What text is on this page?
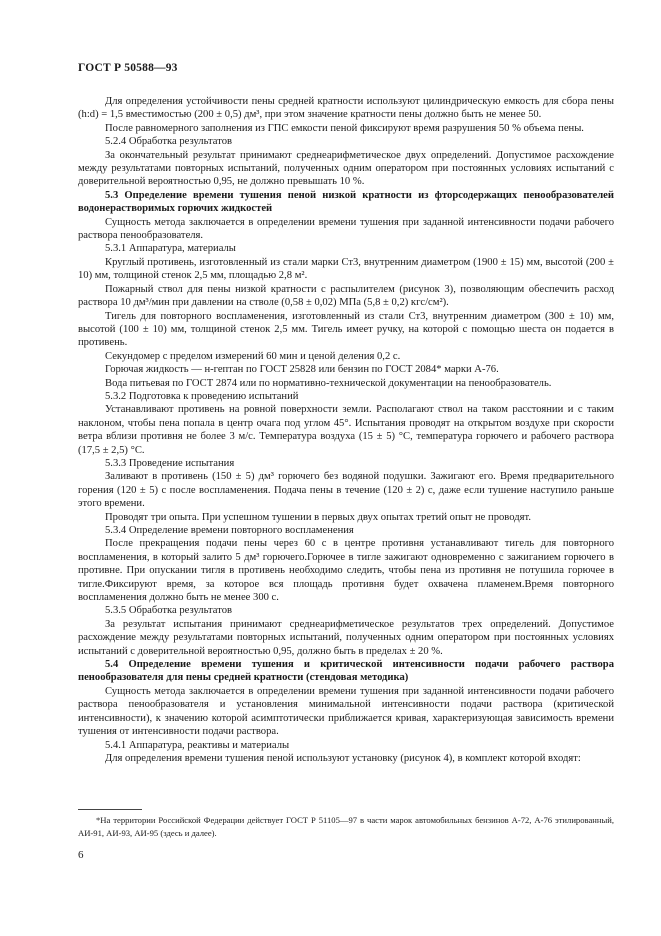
ГОСТ Р 50588—93

Для определения устойчивости пены средней кратности используют цилиндрическую емкость для сбора пены (h:d) = 1,5 вместимостью (200 ± 0,5) дм³, при этом значение кратности пены должно быть не менее 50.

После равномерного заполнения из ГПС емкости пеной фиксируют время разрушения 50 % объема пены.

5.2.4 Обработка результатов

За окончательный результат принимают среднеарифметическое двух определений. Допустимое расхождение между результатами повторных испытаний, полученных одним оператором при постоянных условиях испытаний с доверительной вероятностью 0,95, не должно превышать 10 %.

5.3 Определение времени тушения пеной низкой кратности из фторсодержащих пенообразователей водонерастворимых горючих жидкостей

Сущность метода заключается в определении времени тушения при заданной интенсивности подачи рабочего раствора пенообразователя.

5.3.1 Аппаратура, материалы

Круглый противень, изготовленный из стали марки Ст3, внутренним диаметром (1900 ± 15) мм, высотой (200 ± 10) мм, толщиной стенок 2,5 мм, площадью 2,8 м².

Пожарный ствол для пены низкой кратности с распылителем (рисунок 3), позволяющим обеспечить расход раствора 10 дм³/мин при давлении на стволе (0,58 ± 0,02) МПа (5,8 ± 0,2) кгс/см²).

Тигель для повторного воспламенения, изготовленный из стали Ст3, внутренним диаметром (300 ± 10) мм, высотой (100 ± 10) мм, толщиной стенок 2,5 мм. Тигель имеет ручку, на которой с помощью шеста он подается в противень.

Секундомер с пределом измерений 60 мин и ценой деления 0,2 с.

Горючая жидкость — н-гептан по ГОСТ 25828 или бензин по ГОСТ 2084* марки А-76.

Вода питьевая по ГОСТ 2874 или по нормативно-технической документации на пенообразователь.

5.3.2 Подготовка к проведению испытаний

Устанавливают противень на ровной поверхности земли. Располагают ствол на таком расстоянии и с таким наклоном, чтобы пена попала в центр очага под углом 45°. Испытания проводят на открытом воздухе при скорости ветра вблизи противня не более 3 м/с. Температура воздуха (15 ± 5) °С, температура горючего и рабочего раствора (17,5 ± 2,5) °С.

5.3.3 Проведение испытания

Заливают в противень (150 ± 5) дм³ горючего без водяной подушки. Зажигают его. Время предварительного горения (120 ± 5) с после воспламенения. Подача пены в течение (120 ± 2) с, даже если тушение наступило раньше этого времени.

Проводят три опыта. При успешном тушении в первых двух опытах третий опыт не проводят.

5.3.4 Определение времени повторного воспламенения

После прекращения подачи пены через 60 с в центре противня устанавливают тигель для повторного воспламенения, в который залито 5 дм³ горючего.Горючее в тигле зажигают одновременно с зажиганием горючего в противне. При опускании тигля в противень необходимо следить, чтобы пена из противня не потушила горючее в тигле.Фиксируют время, за которое вся площадь противня будет охвачена пламенем.Время повторного воспламенения должно быть не менее 300 с.

5.3.5 Обработка результатов

За результат испытания принимают среднеарифметическое результатов трех определений. Допустимое расхождение между результатами повторных испытаний, полученных одним оператором при постоянных условиях испытаний с доверительной вероятностью 0,95, должно быть в пределах ± 20 %.

5.4 Определение времени тушения и критической интенсивности подачи рабочего раствора пенообразователя для пены средней кратности (стендовая методика)

Сущность метода заключается в определении времени тушения при заданной интенсивности подачи рабочего раствора пенообразователя и установления минимальной интенсивности подачи раствора (критической интенсивности), к значению которой асимптотически приближается кривая, характеризующая зависимость времени тушения от интенсивности подачи раствора.

5.4.1 Аппаратура, реактивы и материалы

Для определения времени тушения пеной используют установку (рисунок 4), в комплект которой входят:

*На территории Российской Федерации действует ГОСТ Р 51105—97 в части марок автомобильных бензинов А-72, А-76 этилированный, АИ-91, АИ-93, АИ-95 (здесь и далее).

6
